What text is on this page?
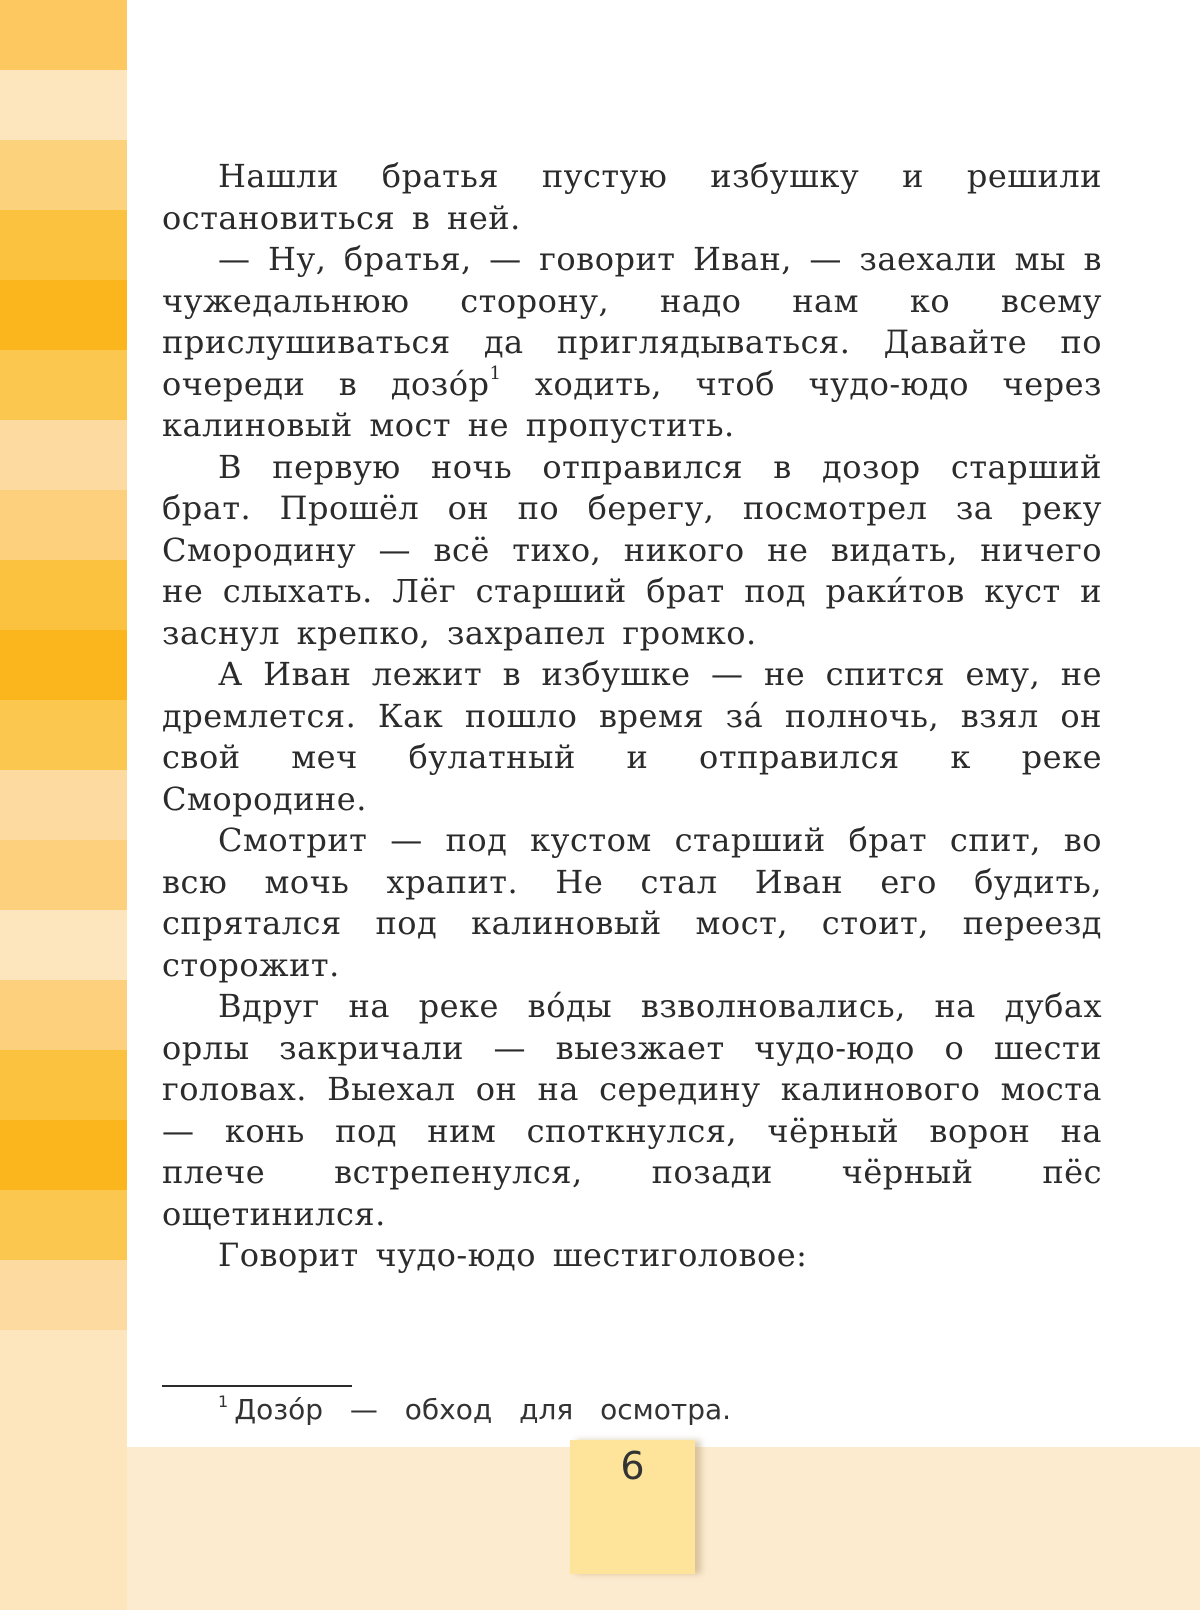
Нашли братья пустую избушку и решили остановиться в ней.

— Ну, братья, — говорит Иван, — заехали мы в чужедальнюю сторону, надо нам ко всему прислушиваться да приглядываться. Давайте по очереди в $дозо́р^1$ ходить, чтоб чудо-юдо через калиновый мост не пропустить.

В первую ночь отправился в дозор старший брат. Прошёл он по берегу, посмотрел за реку Смородину — всё тихо, никого не видать, ничего не слыхать. Лёг старший брат под раки́тов куст и заснул крепко, захрапел громко.

А Иван лежит в избушке — не спится ему, не дремлется. Как пошло время за́ полночь, взял он свой меч булатный и отправился к реке Смородине.

Смотрит — под кустом старший брат спит, во всю мочь храпит. Не стал Иван его будить, спрятался под калиновый мост, стоит, переезд сторожит.

Вдруг на реке во́ды взволновались, на дубах орлы закричали — выезжает чудо-юдо о шести головах. Выехал он на середину калинового моста — конь под ним споткнулся, чёрный ворон на плече встрепенулся, позади чёрный пёс ощетинился.

Говорит чудо-юдо шестиголовое:

$^1$ Дозо́р — обход для осмотра.
6
